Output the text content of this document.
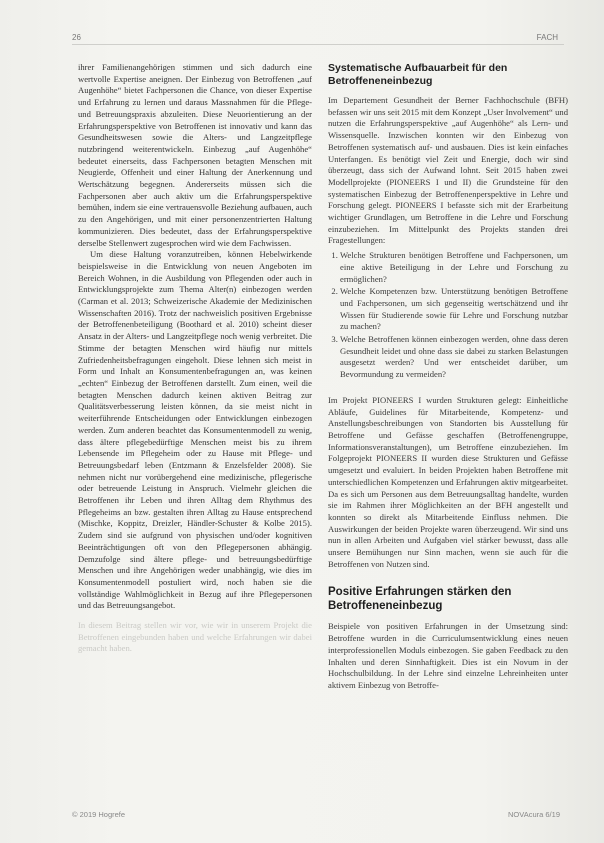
26	FACH

ihrer Familienangehörigen stimmen und sich dadurch eine wertvolle Expertise aneignen. Der Einbezug von Betroffenen „auf Augenhöhe“ bietet Fachpersonen die Chance, von dieser Expertise und Erfahrung zu lernen und daraus Massnahmen für die Pflege- und Betreuungspraxis abzuleiten. Diese Neuorientierung an der Erfahrungsperspektive von Betroffenen ist innovativ und kann das Gesundheitswesen sowie die Alters- und Langzeitpflege nutzbringend weiterentwickeln. Einbezug „auf Augenhöhe“ bedeutet einerseits, dass Fachpersonen betagten Menschen mit Neugierde, Offenheit und einer Haltung der Anerkennung und Wertschätzung begegnen. Andererseits müssen sich die Fachpersonen aber auch aktiv um die Erfahrungsperspektive bemühen, indem sie eine vertrauensvolle Beziehung aufbauen, auch zu den Angehörigen, und mit einer personenzentrierten Haltung kommunizieren. Dies bedeutet, dass der Erfahrungsperspektive derselbe Stellenwert zugesprochen wird wie dem Fachwissen.

Um diese Haltung voranzutreiben, können Hebelwirkende beispielsweise in die Entwicklung von neuen Angeboten im Bereich Wohnen, in die Ausbildung von Pflegenden oder auch in Entwicklungsprojekte zum Thema Alter(n) einbezogen werden (Carman et al. 2013; Schweizerische Akademie der Medizinischen Wissenschaften 2016). Trotz der nachweislich positiven Ergebnisse der Betroffenenbeteiligung (Boothard et al. 2010) scheint dieser Ansatz in der Alters- und Langzeitpflege noch wenig verbreitet. Die Stimme der betagten Menschen wird häufig nur mittels Zufriedenheitsbefragungen eingeholt. Diese lehnen sich meist in Form und Inhalt an Konsumentenbefragungen an, was keinen „echten“ Einbezug der Betroffenen darstellt. Zum einen, weil die betagten Menschen dadurch keinen aktiven Beitrag zur Qualitätsverbesserung leisten können, da sie meist nicht in weiterführende Entscheidungen oder Entwicklungen einbezogen werden. Zum anderen beachtet das Konsumentenmodell zu wenig, dass ältere pflegebedürftige Menschen meist bis zu ihrem Lebensende im Pflegeheim oder zu Hause mit Pflege- und Betreuungsbedarf leben (Entzmann & Enzelsfelder 2008). Sie nehmen nicht nur vorübergehend eine medizinische, pflegerische oder betreuende Leistung in Anspruch. Vielmehr gleichen die Betroffenen ihr Leben und ihren Alltag dem Rhythmus des Pflegeheims an bzw. gestalten ihren Alltag zu Hause entsprechend (Mischke, Koppitz, Dreizler, Händler-Schuster & Kolbe 2015). Zudem sind sie aufgrund von physischen und/oder kognitiven Beeinträchtigungen oft von den Pflegepersonen abhängig. Demzufolge sind ältere pflege- und betreuungsbedürftige Menschen und ihre Angehörigen weder unabhängig, wie dies im Konsumentenmodell postuliert wird, noch haben sie die vollständige Wahlmöglichkeit in Bezug auf ihre Pflegepersonen und das Betreuungsangebot.

In diesem Beitrag stellen wir vor, wie wir in unserem Projekt die Betroffenen eingebunden haben und welche Erfahrungen wir dabei gemacht haben.

Systematische Aufbauarbeit für den Betroffeneneinbezug

Im Departement Gesundheit der Berner Fachhochschule (BFH) befassen wir uns seit 2015 mit dem Konzept „User Involvement“ und nutzen die Erfahrungsperspektive „auf Augenhöhe“ als Lern- und Wissensquelle. Inzwischen konnten wir den Einbezug von Betroffenen systematisch auf- und ausbauen. Dies ist kein einfaches Unterfangen. Es benötigt viel Zeit und Energie, doch wir sind überzeugt, dass sich der Aufwand lohnt. Seit 2015 haben zwei Modellprojekte (PIONEERS I und II) die Grundsteine für den systematischen Einbezug der Betroffenenperspektive in Lehre und Forschung gelegt. PIONEERS I befasste sich mit der Erarbeitung wichtiger Grundlagen, um Betroffene in die Lehre und Forschung einzubeziehen. Im Mittelpunkt des Projekts standen drei Fragestellungen:

1. Welche Strukturen benötigen Betroffene und Fachpersonen, um eine aktive Beteiligung in der Lehre und Forschung zu ermöglichen?
2. Welche Kompetenzen bzw. Unterstützung benötigen Betroffene und Fachpersonen, um sich gegenseitig wertschätzend und ihr Wissen für Studierende sowie für Lehre und Forschung nutzbar zu machen?
3. Welche Betroffenen können einbezogen werden, ohne dass deren Gesundheit leidet und ohne dass sie dabei zu starken Belastungen ausgesetzt werden? Und wer entscheidet darüber, um Bevormundung zu vermeiden?

Im Projekt PIONEERS I wurden Strukturen gelegt: Einheitliche Abläufe, Guidelines für Mitarbeitende, Kompetenz- und Anstellungsbeschreibungen von Standorten bis Ausstellung für Betroffene und Gefässe geschaffen (Betroffenengruppe, Informationsveranstaltungen), um Betroffene einzubeziehen. Im Folgeprojekt PIONEERS II wurden diese Strukturen und Gefässe umgesetzt und evaluiert. In beiden Projekten haben Betroffene mit unterschiedlichen Kompetenzen und Erfahrungen aktiv mitgearbeitet. Da es sich um Personen aus dem Betreuungsalltag handelte, wurden sie im Rahmen ihrer Möglichkeiten an der BFH angestellt und konnten so direkt als Mitarbeitende Einfluss nehmen. Die Auswirkungen der beiden Projekte waren überzeugend. Wir sind uns nun in allen Arbeiten und Aufgaben viel stärker bewusst, dass alle unsere Bemühungen nur Sinn machen, wenn sie auch für die Betroffenen von Nutzen sind.

Positive Erfahrungen stärken den Betroffeneneinbezug

Beispiele von positiven Erfahrungen in der Umsetzung sind: Betroffene wurden in die Curriculumsentwicklung eines neuen interprofessionellen Moduls einbezogen. Sie gaben Feedback zu den Inhalten und deren Sinnhaftigkeit. Dies ist ein Novum in der Hochschulbildung. In der Lehre sind einzelne Lehreinheiten unter aktivem Einbezug von Betroffe-

© 2019 Hogrefe	NOVAcura 6/19
